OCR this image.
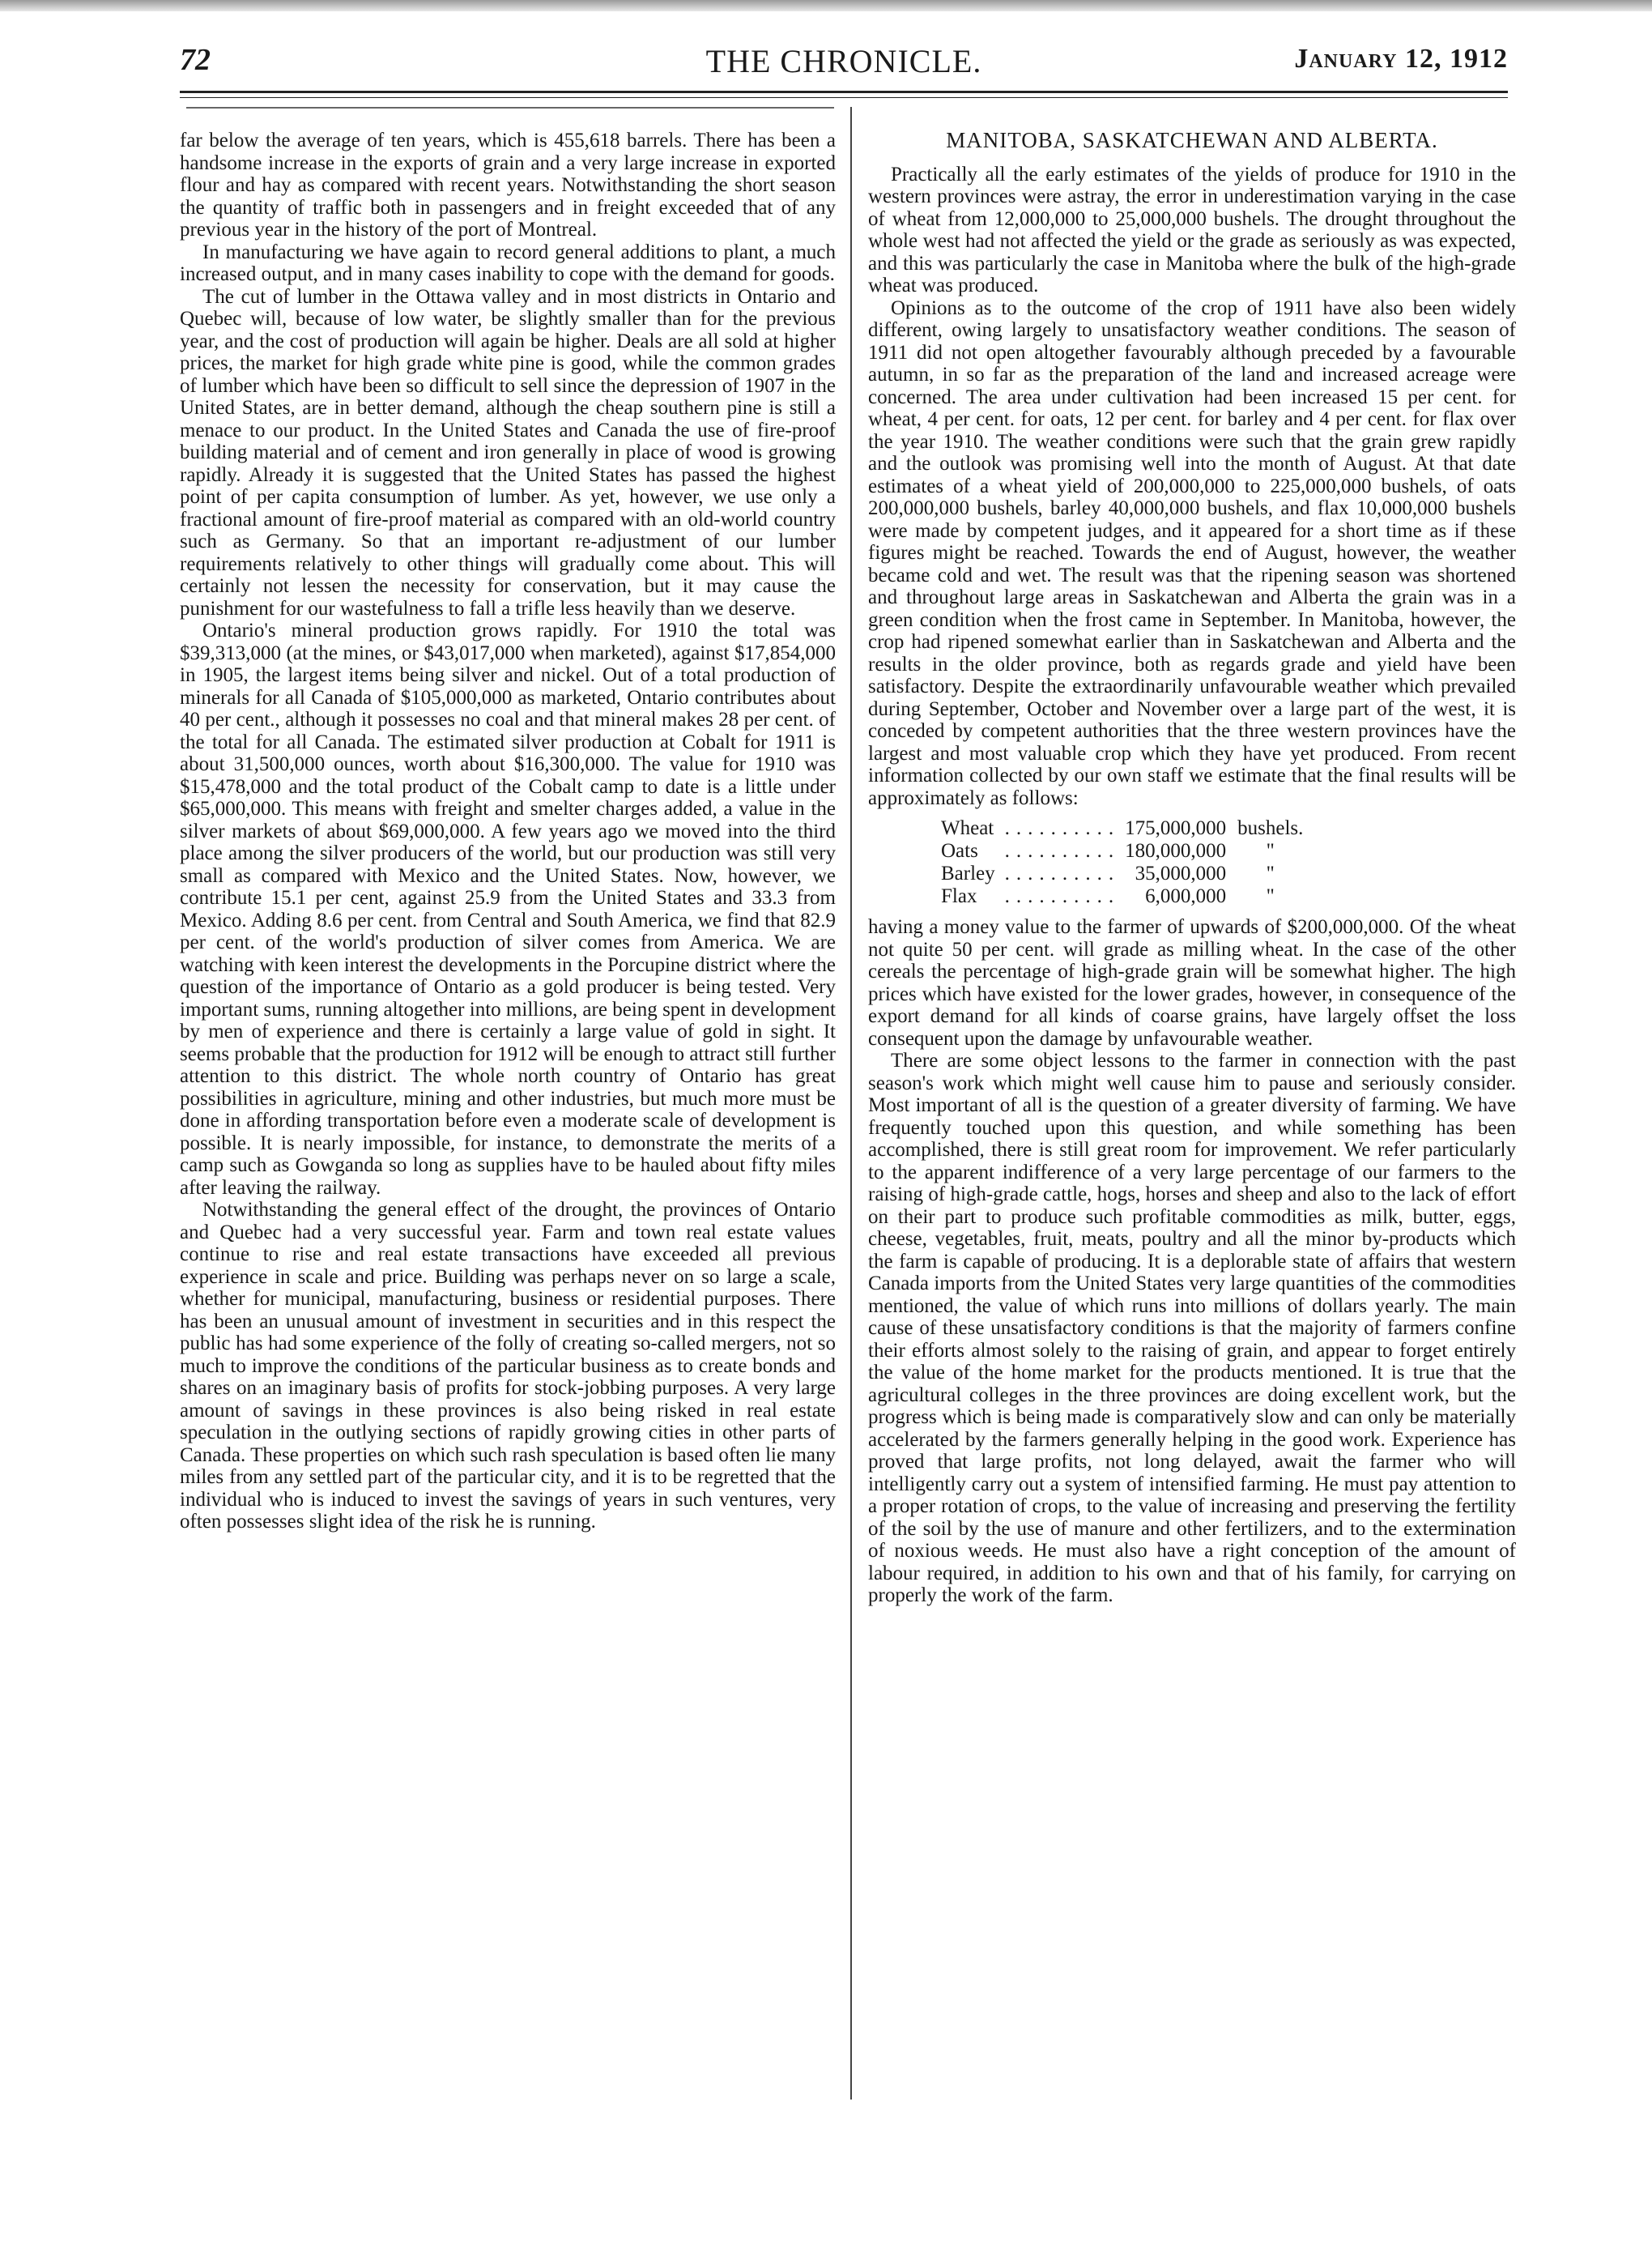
72	THE CHRONICLE.	January 12, 1912

far below the average of ten years, which is 455,618 barrels. There has been a handsome increase in the exports of grain and a very large increase in exported flour and hay as compared with recent years. Notwithstanding the short season the quantity of traffic both in passengers and in freight exceeded that of any previous year in the history of the port of Montreal.

In manufacturing we have again to record general additions to plant, a much increased output, and in many cases inability to cope with the demand for goods.

The cut of lumber in the Ottawa valley and in most districts in Ontario and Quebec will, because of low water, be slightly smaller than for the previous year, and the cost of production will again be higher. Deals are all sold at higher prices, the market for high grade white pine is good, while the common grades of lumber which have been so difficult to sell since the depression of 1907 in the United States, are in better demand, although the cheap southern pine is still a menace to our product. In the United States and Canada the use of fire-proof building material and of cement and iron generally in place of wood is growing rapidly. Already it is suggested that the United States has passed the highest point of per capita consumption of lumber. As yet, however, we use only a fractional amount of fire-proof material as compared with an old-world country such as Germany. So that an important re-adjustment of our lumber requirements relatively to other things will gradually come about. This will certainly not lessen the necessity for conservation, but it may cause the punishment for our wastefulness to fall a trifle less heavily than we deserve.

Ontario's mineral production grows rapidly. For 1910 the total was $39,313,000 (at the mines, or $43,017,000 when marketed), against $17,854,000 in 1905, the largest items being silver and nickel. Out of a total production of minerals for all Canada of $105,000,000 as marketed, Ontario contributes about 40 per cent., although it possesses no coal and that mineral makes 28 per cent. of the total for all Canada. The estimated silver production at Cobalt for 1911 is about 31,500,000 ounces, worth about $16,300,000. The value for 1910 was $15,478,000 and the total product of the Cobalt camp to date is a little under $65,000,000. This means with freight and smelter charges added, a value in the silver markets of about $69,000,000. A few years ago we moved into the third place among the silver producers of the world, but our production was still very small as compared with Mexico and the United States. Now, however, we contribute 15.1 per cent, against 25.9 from the United States and 33.3 from Mexico. Adding 8.6 per cent. from Central and South America, we find that 82.9 per cent. of the world's production of silver comes from America. We are watching with keen interest the developments in the Porcupine district where the question of the importance of Ontario as a gold producer is being tested. Very important sums, running altogether into millions, are being spent in development by men of experience and there is certainly a large value of gold in sight. It seems probable that the production for 1912 will be enough to attract still further attention to this district. The whole north country of Ontario has great possibilities in agriculture, mining and other industries, but much more must be done in affording transportation before even a moderate scale of development is possible. It is nearly impossible, for instance, to demonstrate the merits of a camp such as Gowganda so long as supplies have to be hauled about fifty miles after leaving the railway.

Notwithstanding the general effect of the drought, the provinces of Ontario and Quebec had a very successful year. Farm and town real estate values continue to rise and real estate transactions have exceeded all previous experience in scale and price. Building was perhaps never on so large a scale, whether for municipal, manufacturing, business or residential purposes. There has been an unusual amount of investment in securities and in this respect the public has had some experience of the folly of creating so-called mergers, not so much to improve the conditions of the particular business as to create bonds and shares on an imaginary basis of profits for stock-jobbing purposes. A very large amount of savings in these provinces is also being risked in real estate speculation in the outlying sections of rapidly growing cities in other parts of Canada. These properties on which such rash speculation is based often lie many miles from any settled part of the particular city, and it is to be regretted that the individual who is induced to invest the savings of years in such ventures, very often possesses slight idea of the risk he is running.

MANITOBA, SASKATCHEWAN AND ALBERTA.

Practically all the early estimates of the yields of produce for 1910 in the western provinces were astray, the error in underestimation varying in the case of wheat from 12,000,000 to 25,000,000 bushels. The drought throughout the whole west had not affected the yield or the grade as seriously as was expected, and this was particularly the case in Manitoba where the bulk of the high-grade wheat was produced.

Opinions as to the outcome of the crop of 1911 have also been widely different, owing largely to unsatisfactory weather conditions. The season of 1911 did not open altogether favourably although preceded by a favourable autumn, in so far as the preparation of the land and increased acreage were concerned. The area under cultivation had been increased 15 per cent. for wheat, 4 per cent. for oats, 12 per cent. for barley and 4 per cent. for flax over the year 1910. The weather conditions were such that the grain grew rapidly and the outlook was promising well into the month of August. At that date estimates of a wheat yield of 200,000,000 to 225,000,000 bushels, of oats 200,000,000 bushels, barley 40,000,000 bushels, and flax 10,000,000 bushels were made by competent judges, and it appeared for a short time as if these figures might be reached. Towards the end of August, however, the weather became cold and wet. The result was that the ripening season was shortened and throughout large areas in Saskatchewan and Alberta the grain was in a green condition when the frost came in September. In Manitoba, however, the crop had ripened somewhat earlier than in Saskatchewan and Alberta and the results in the older province, both as regards grade and yield have been satisfactory. Despite the extraordinarily unfavourable weather which prevailed during September, October and November over a large part of the west, it is conceded by competent authorities that the three western provinces have the largest and most valuable crop which they have yet produced. From recent information collected by our own staff we estimate that the final results will be approximately as follows:

Wheat	..........	175,000,000	bushels.
Oats	..........	180,000,000	"
Barley	..........	35,000,000	"
Flax	..........	6,000,000	"

having a money value to the farmer of upwards of $200,000,000. Of the wheat not quite 50 per cent. will grade as milling wheat. In the case of the other cereals the percentage of high-grade grain will be somewhat higher. The high prices which have existed for the lower grades, however, in consequence of the export demand for all kinds of coarse grains, have largely offset the loss consequent upon the damage by unfavourable weather.

There are some object lessons to the farmer in connection with the past season's work which might well cause him to pause and seriously consider. Most important of all is the question of a greater diversity of farming. We have frequently touched upon this question, and while something has been accomplished, there is still great room for improvement. We refer particularly to the apparent indifference of a very large percentage of our farmers to the raising of high-grade cattle, hogs, horses and sheep and also to the lack of effort on their part to produce such profitable commodities as milk, butter, eggs, cheese, vegetables, fruit, meats, poultry and all the minor by-products which the farm is capable of producing. It is a deplorable state of affairs that western Canada imports from the United States very large quantities of the commodities mentioned, the value of which runs into millions of dollars yearly. The main cause of these unsatisfactory conditions is that the majority of farmers confine their efforts almost solely to the raising of grain, and appear to forget entirely the value of the home market for the products mentioned. It is true that the agricultural colleges in the three provinces are doing excellent work, but the progress which is being made is comparatively slow and can only be materially accelerated by the farmers generally helping in the good work. Experience has proved that large profits, not long delayed, await the farmer who will intelligently carry out a system of intensified farming. He must pay attention to a proper rotation of crops, to the value of increasing and preserving the fertility of the soil by the use of manure and other fertilizers, and to the extermination of noxious weeds. He must also have a right conception of the amount of labour required, in addition to his own and that of his family, for carrying on properly the work of the farm.
